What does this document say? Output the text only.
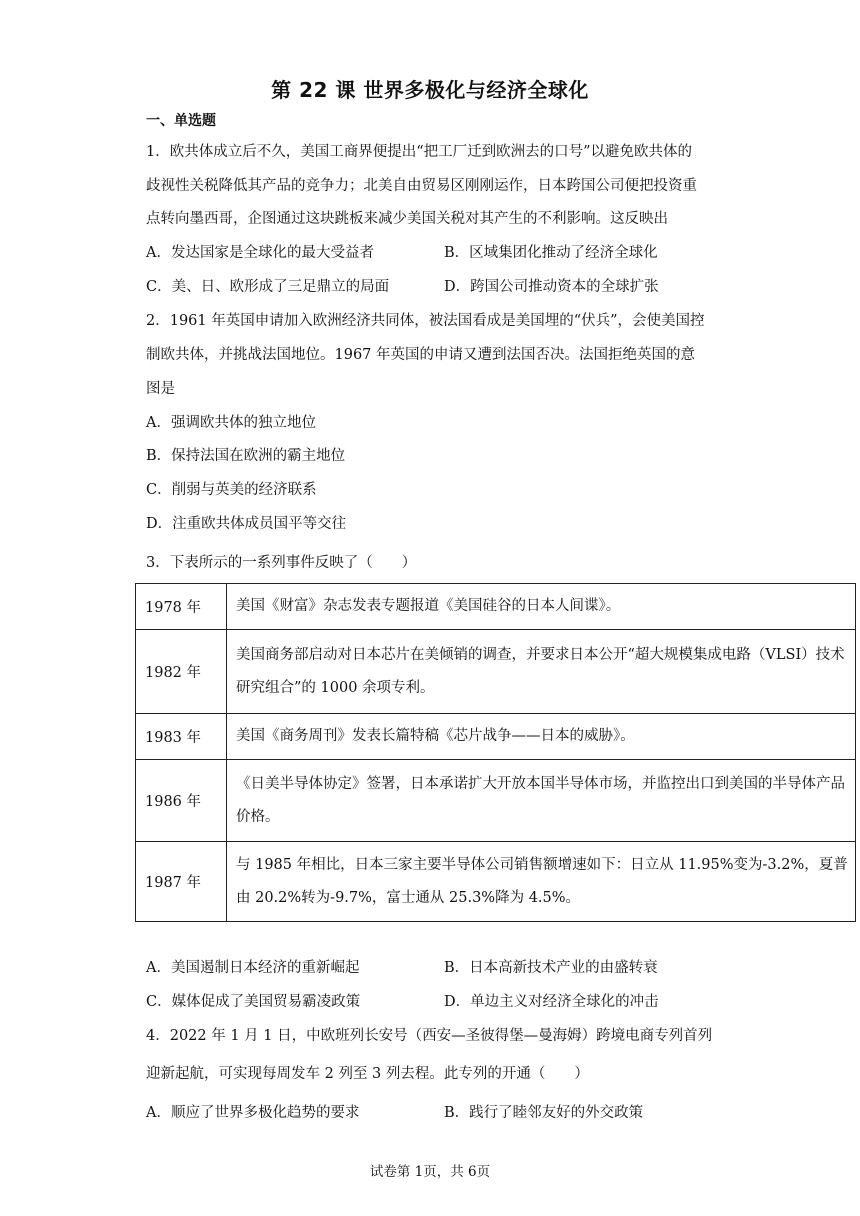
第 22 课 世界多极化与经济全球化
一、单选题
1．欧共体成立后不久，美国工商界便提出“把工厂迁到欧洲去的口号”以避免欧共体的
歧视性关税降低其产品的竞争力；北美自由贸易区刚刚运作，日本跨国公司便把投资重
点转向墨西哥，企图通过这块跳板来减少美国关税对其产生的不利影响。这反映出
A．发达国家是全球化的最大受益者	B．区域集团化推动了经济全球化
C．美、日、欧形成了三足鼎立的局面	D．跨国公司推动资本的全球扩张
2．1961 年英国申请加入欧洲经济共同体，被法国看成是美国埋的“伏兵”，会使美国控
制欧共体，并挑战法国地位。1967 年英国的申请又遭到法国否决。法国拒绝英国的意
图是
A．强调欧共体的独立地位
B．保持法国在欧洲的霸主地位
C．削弱与英美的经济联系
D．注重欧共体成员国平等交往
3．下表所示的一系列事件反映了（　　）
1978 年	美国《财富》杂志发表专题报道《美国硅谷的日本人间谍》。
1982 年	美国商务部启动对日本芯片在美倾销的调查，并要求日本公开“超大规模集成电路（VLSI）技术研究组合”的 1000 余项专利。
1983 年	美国《商务周刊》发表长篇特稿《芯片战争——日本的威胁》。
1986 年	《日美半导体协定》签署，日本承诺扩大开放本国半导体市场，并监控出口到美国的半导体产品价格。
1987 年	与 1985 年相比，日本三家主要半导体公司销售额增速如下：日立从 11.95%变为-3.2%，夏普由 20.2%转为-9.7%，富士通从 25.3%降为 4.5%。
A．美国遏制日本经济的重新崛起	B．日本高新技术产业的由盛转衰
C．媒体促成了美国贸易霸凌政策	D．单边主义对经济全球化的冲击
4．2022 年 1 月 1 日，中欧班列长安号（西安—圣彼得堡—曼海姆）跨境电商专列首列
迎新起航，可实现每周发车 2 列至 3 列去程。此专列的开通（　　）
A．顺应了世界多极化趋势的要求	B．践行了睦邻友好的外交政策
试卷第 1页，共 6页
